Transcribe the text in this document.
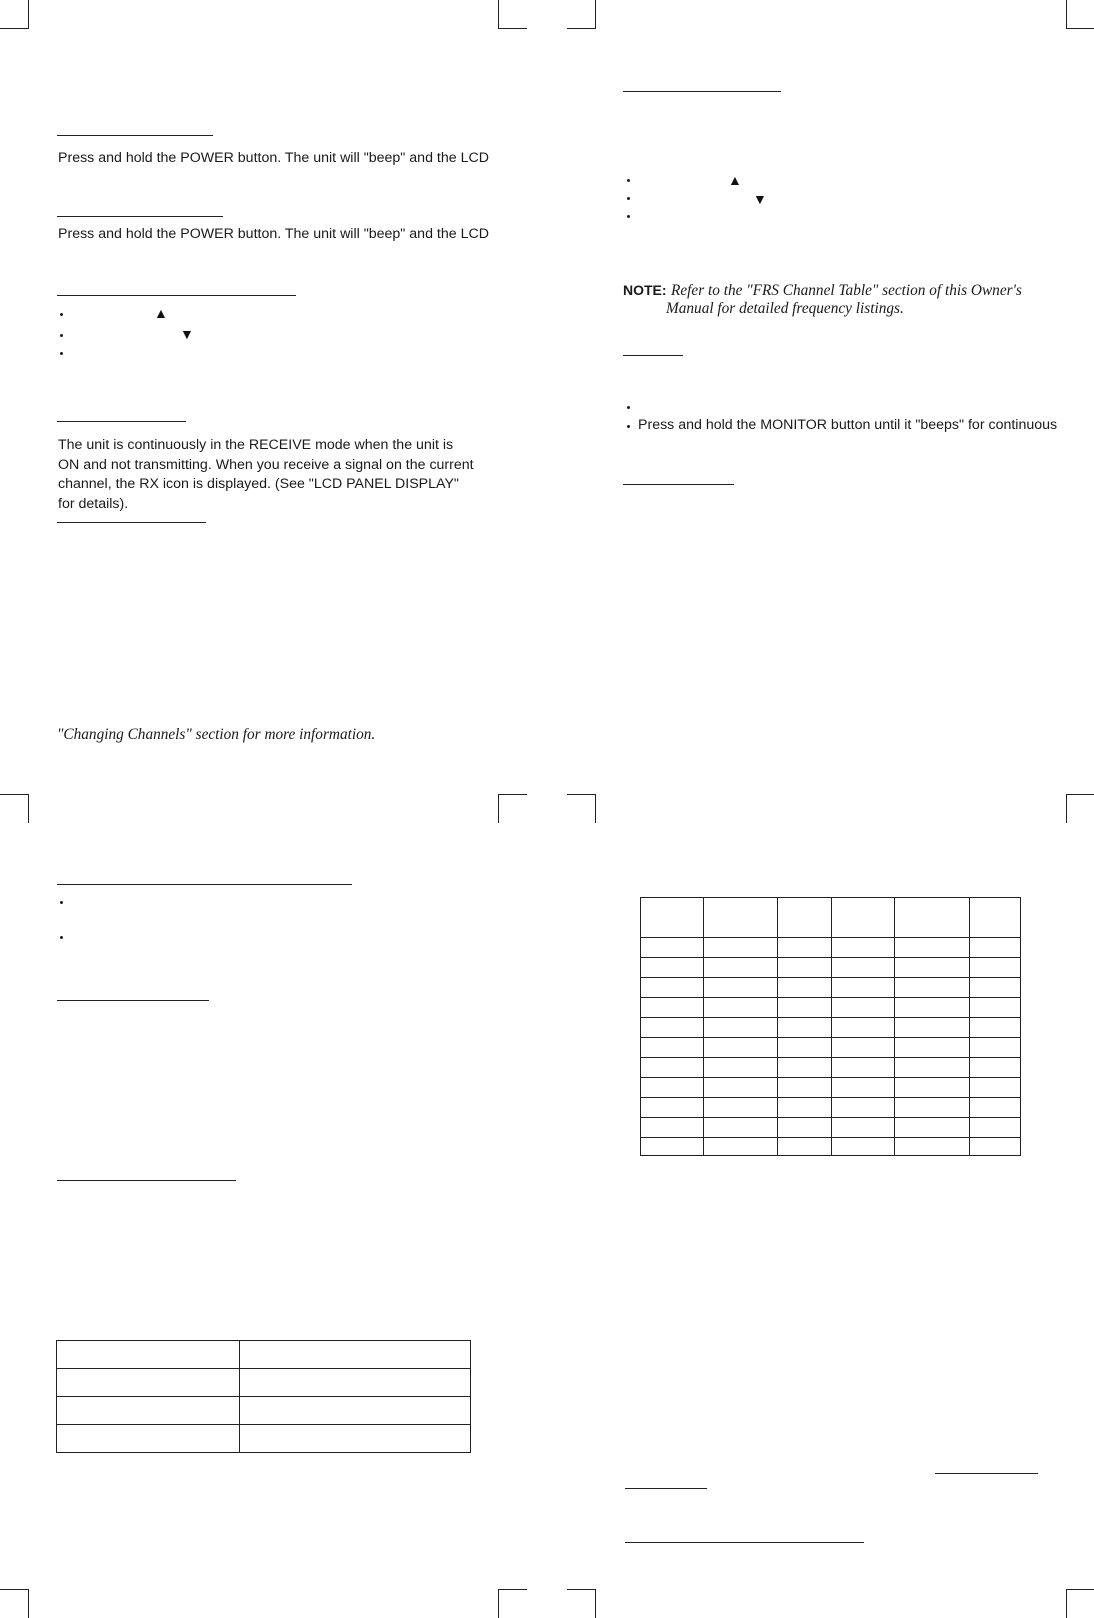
Press and hold the POWER button. The unit will "beep" and the LCD
Press and hold the POWER button. The unit will "beep" and the LCD
▲
▼
The unit is continuously in the RECEIVE mode when the unit is ON and not transmitting. When you receive a signal on the current channel, the RX icon is displayed. (See "LCD PANEL DISPLAY" for details).
"Changing Channels" section for more information.
▲
▼
NOTE: Refer to the "FRS Channel Table" section of this Owner's
Manual for detailed frequency listings.
Press and hold the MONITOR button until it "beeps" for continuous
